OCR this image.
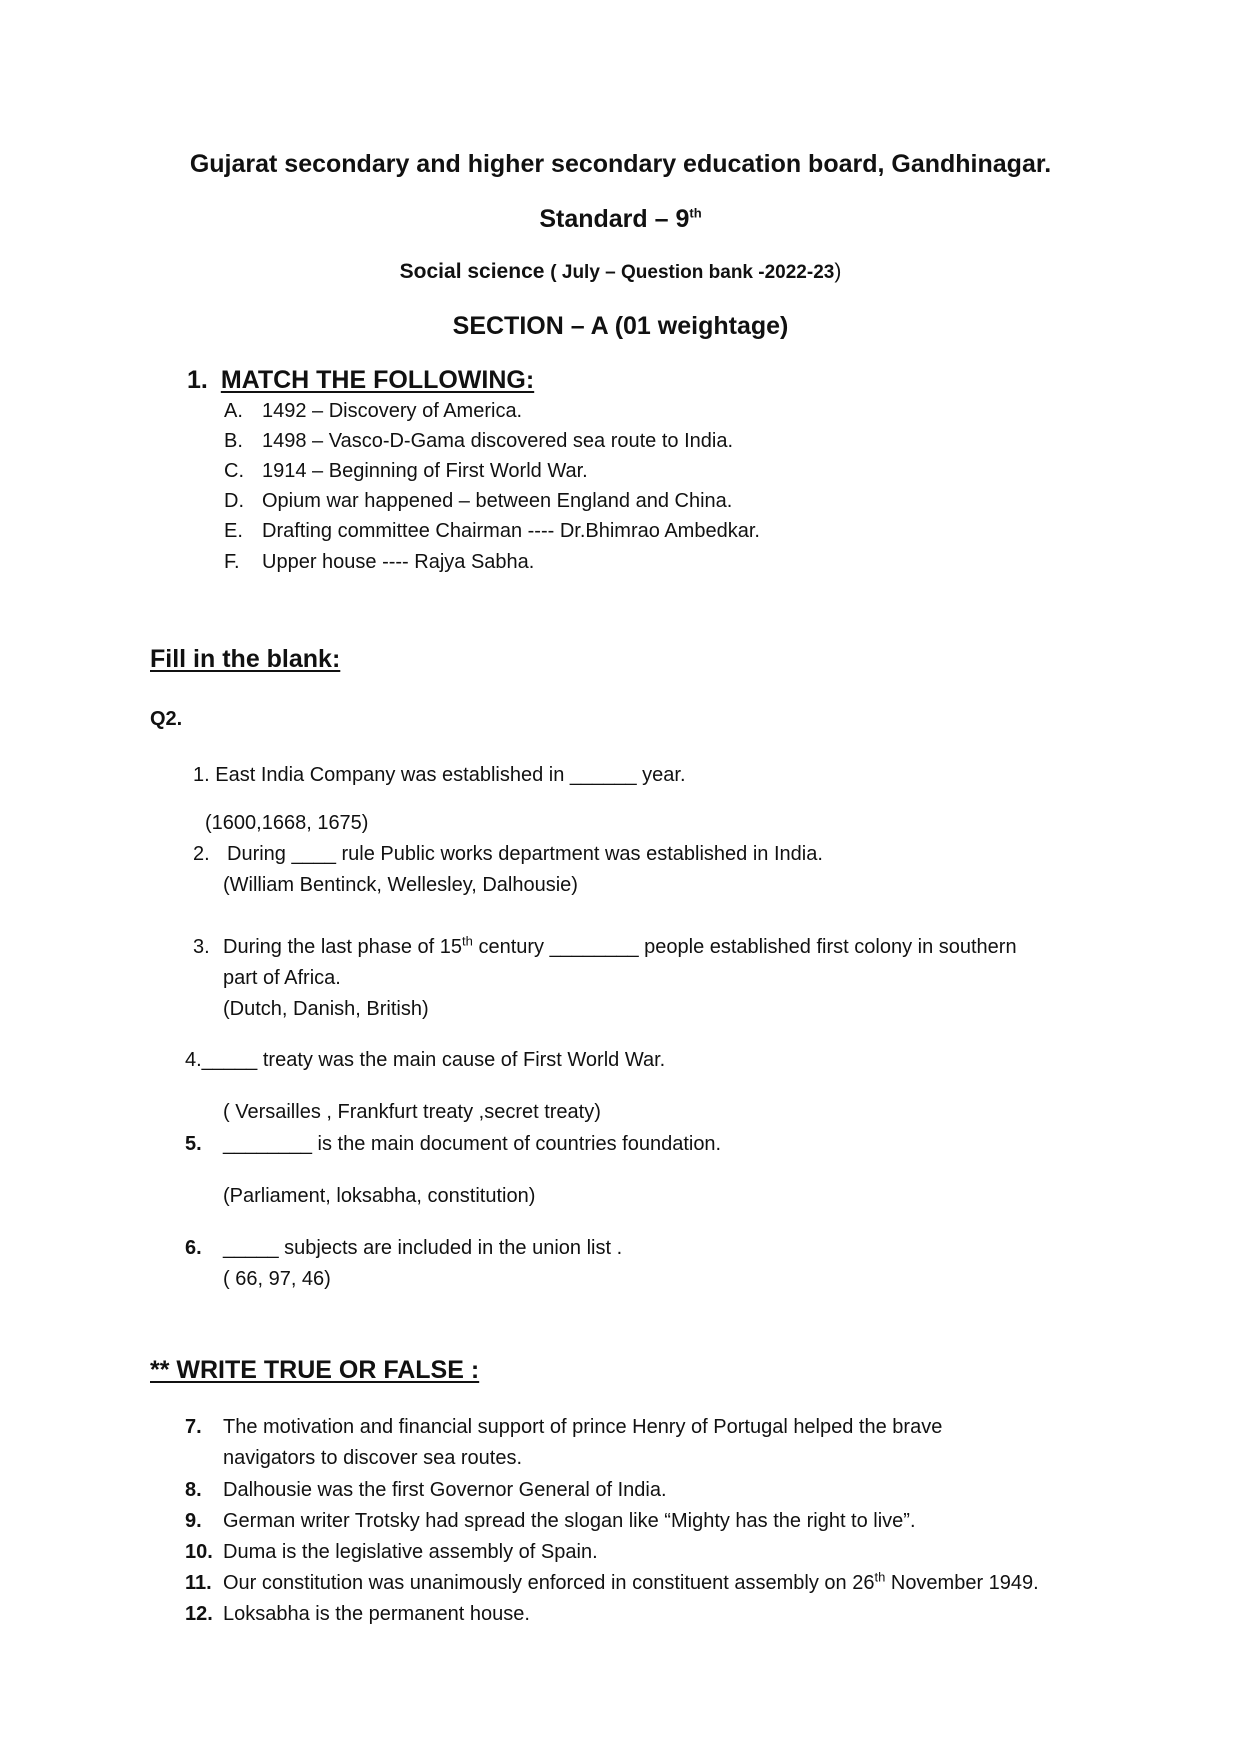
Gujarat secondary and higher secondary education board, Gandhinagar.
Standard – 9th
Social science ( July – Question bank -2022-23)
SECTION – A (01 weightage)
1. MATCH THE FOLLOWING:
A. 1492 – Discovery of America.
B. 1498 – Vasco-D-Gama discovered sea route to India.
C. 1914 – Beginning of First World War.
D. Opium war happened – between England and China.
E. Drafting committee Chairman ---- Dr.Bhimrao Ambedkar.
F. Upper house ---- Rajya Sabha.
Fill in the blank:
Q2.
1. East India Company was established in ______ year.
(1600,1668, 1675)
2. During ____ rule Public works department was established in India.
(William Bentinck, Wellesley, Dalhousie)
3. During the last phase of 15th century ________ people established first colony in southern
part of Africa.
(Dutch, Danish, British)
4._____ treaty was the main cause of First World War.
( Versailles , Frankfurt treaty ,secret treaty)
5. ________ is the main document of countries foundation.
(Parliament, loksabha, constitution)
6. _____ subjects are included in the union list .
( 66, 97, 46)
** WRITE TRUE OR FALSE :
7. The motivation and financial support of prince Henry of Portugal helped the brave
navigators to discover sea routes.
8. Dalhousie was the first Governor General of India.
9. German writer Trotsky had spread the slogan like “Mighty has the right to live”.
10. Duma is the legislative assembly of Spain.
11. Our constitution was unanimously enforced in constituent assembly on 26th November 1949.
12. Loksabha is the permanent house.
